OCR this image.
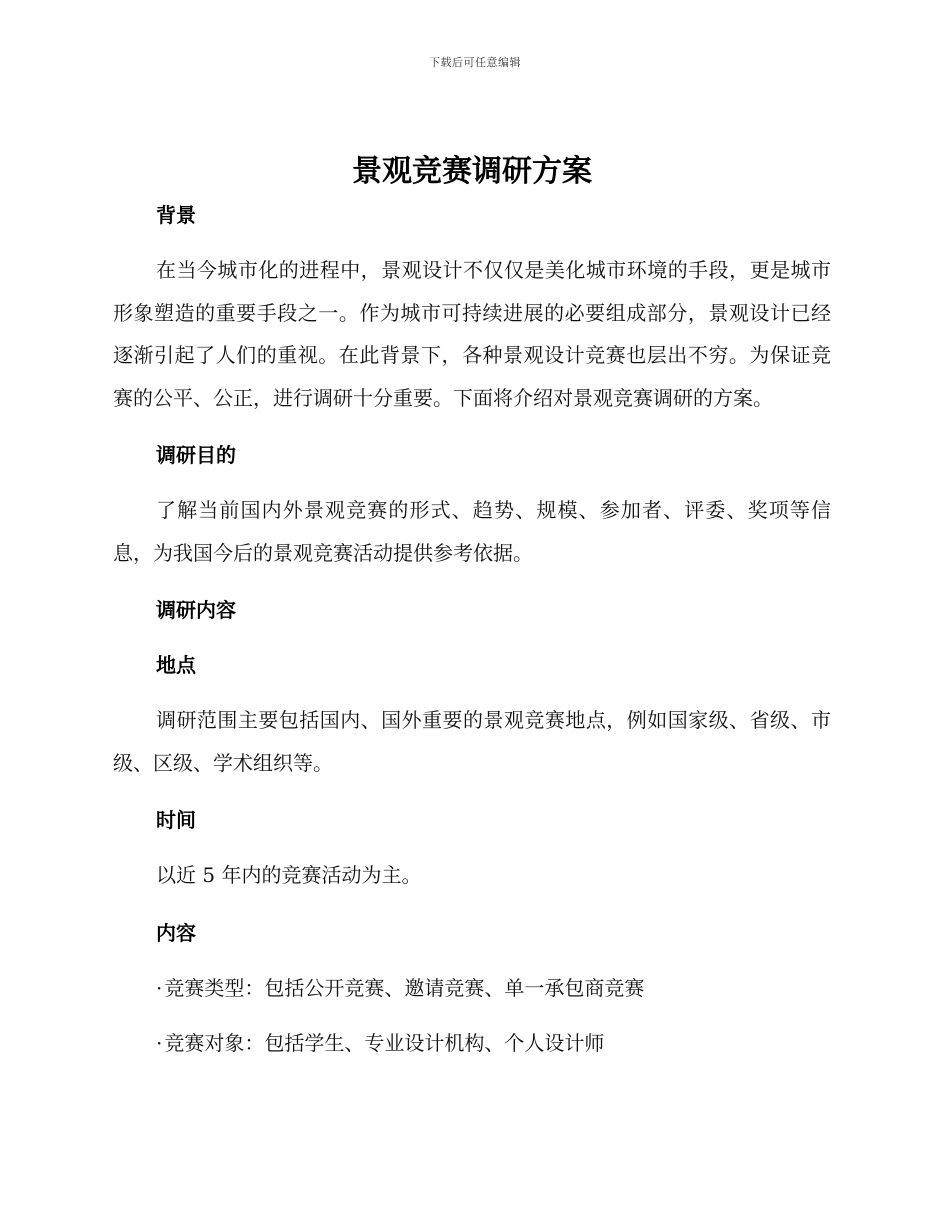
下载后可任意编辑
景观竞赛调研方案
背景

在当今城市化的进程中，景观设计不仅仅是美化城市环境的手段，更是城市形象塑造的重要手段之一。作为城市可持续进展的必要组成部分，景观设计已经逐渐引起了人们的重视。在此背景下，各种景观设计竞赛也层出不穷。为保证竞赛的公平、公正，进行调研十分重要。下面将介绍对景观竞赛调研的方案。

调研目的

了解当前国内外景观竞赛的形式、趋势、规模、参加者、评委、奖项等信息，为我国今后的景观竞赛活动提供参考依据。

调研内容
地点

调研范围主要包括国内、国外重要的景观竞赛地点，例如国家级、省级、市级、区级、学术组织等。

时间

以近 5 年内的竞赛活动为主。

内容
· 竞赛类型：包括公开竞赛、邀请竞赛、单一承包商竞赛
· 竞赛对象：包括学生、专业设计机构、个人设计师
